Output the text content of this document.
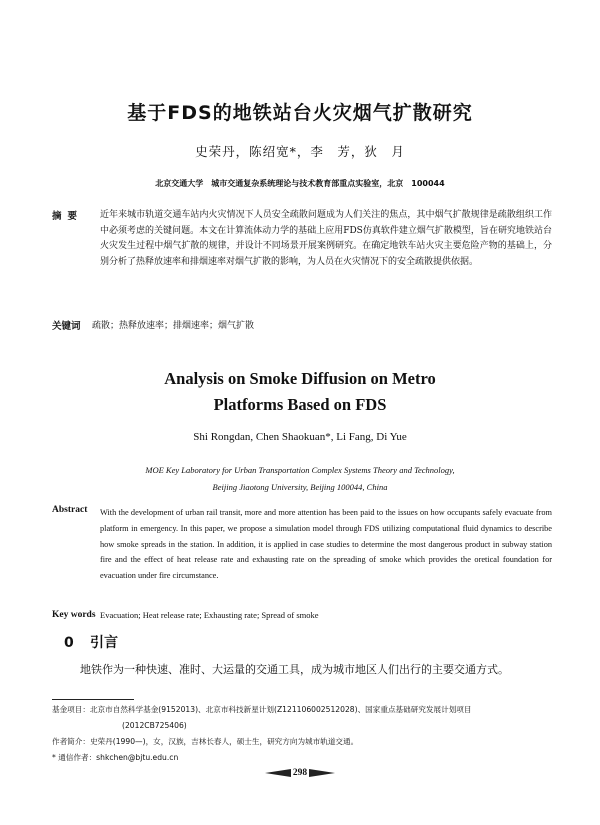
基于FDS的地铁站台火灾烟气扩散研究
史荣丹，陈绍宽*，李　芳，狄　月
北京交通大学　城市交通复杂系统理论与技术教育部重点实验室，北京　100044
摘要	近年来城市轨道交通车站内火灾情况下人员安全疏散问题成为人们关注的焦点，其中烟气扩散规律是疏散组织工作中必须考虑的关键问题。本文在计算流体动力学的基础上应用FDS仿真软件建立烟气扩散模型，旨在研究地铁站台火灾发生过程中烟气扩散的规律，并设计不同场景开展案例研究。在确定地铁车站火灾主要危险产物的基础上，分别分析了热释放速率和排烟速率对烟气扩散的影响，为人员在火灾情况下的安全疏散提供依据。
关键词	疏散；热释放速率；排烟速率；烟气扩散
Analysis on Smoke Diffusion on Metro
Platforms Based on FDS
Shi Rongdan, Chen Shaokuan*, Li Fang, Di Yue
MOE Key Laboratory for Urban Transportation Complex Systems Theory and Technology,
Beijing Jiaotong University, Beijing 100044, China
Abstract	With the development of urban rail transit, more and more attention has been paid to the issues on how occupants safely evacuate from platform in emergency. In this paper, we propose a simulation model through FDS utilizing computational fluid dynamics to describe how smoke spreads in the station. In addition, it is applied in case studies to determine the most dangerous product in subway station fire and the effect of heat release rate and exhausting rate on the spreading of smoke which provides the oretical foundation for evacuation under fire circumstance.
Key words Evacuation; Heat release rate; Exhausting rate; Spread of smoke
0 引言
地铁作为一种快速、准时、大运量的交通工具，成为城市地区人们出行的主要交通方式。
基金项目：北京市自然科学基金(9152013)、北京市科技新星计划(Z121106002512028)、国家重点基础研究发展计划项目
(2012CB725406)
作者简介：史荣丹(1990—)，女，汉族，吉林长春人，硕士生，研究方向为城市轨道交通。
* 通信作者：shkchen@bjtu.edu.cn
298
